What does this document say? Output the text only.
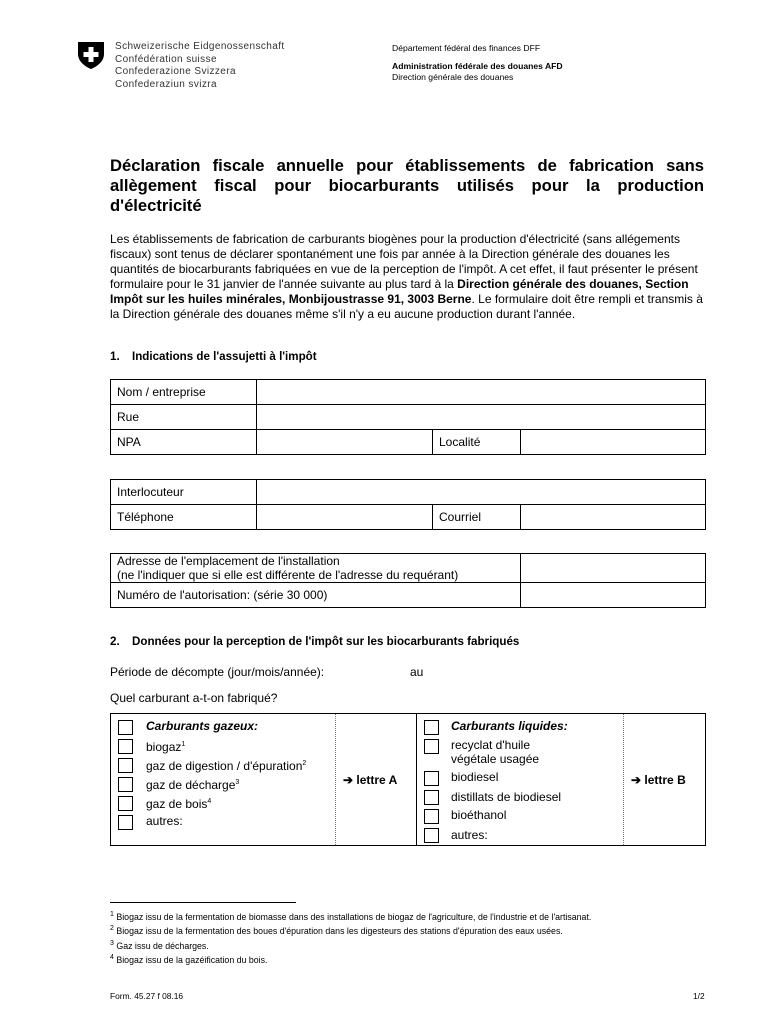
Schweizerische Eidgenossenschaft
Confédération suisse
Confederazione Svizzera
Confederaziun svizra
Département fédéral des finances DFF
Administration fédérale des douanes AFD
Direction générale des douanes
Déclaration fiscale annuelle pour établissements de fabrication sans allègement fiscal pour biocarburants utilisés pour la production d'électricité
Les établissements de fabrication de carburants biogènes pour la production d'électricité (sans allégements fiscaux) sont tenus de déclarer spontanément une fois par année à la Direction générale des douanes les quantités de biocarburants fabriquées en vue de la perception de l'impôt. A cet effet, il faut présenter le présent formulaire pour le 31 janvier de l'année suivante au plus tard à la Direction générale des douanes, Section Impôt sur les huiles minérales, Monbijoustrasse 91, 3003 Berne. Le formulaire doit être rempli et transmis à la Direction générale des douanes même s'il n'y a eu aucune production durant l'année.
1. Indications de l'assujetti à l'impôt
Nom / entreprise			
Rue			
NPA		Localité	
Interlocuteur			
Téléphone		Courriel	
Adresse de l'emplacement de l'installation
(ne l'indiquer que si elle est différente de l'adresse du requérant)	

Numéro de l'autorisation: (série 30 000)	
2. Données pour la perception de l'impôt sur les biocarburants fabriqués
Période de décompte (jour/mois/année):	au
Quel carburant a-t-on fabriqué?
Carburants gazeux:
biogaz$^1$
gaz de digestion / d'épuration$^2$
gaz de décharge$^3$
gaz de bois$^4$
autres:
➔ lettre A
Carburants liquides:
recyclat d'huile
végétale usagée
biodiesel
distillats de biodiesel
bioéthanol
autres:
➔ lettre B
$^1$ Biogaz issu de la fermentation de biomasse dans des installations de biogaz de l'agriculture, de l'industrie et de l'artisanat.
$^2$ Biogaz issu de la fermentation des boues d'épuration dans les digesteurs des stations d'épuration des eaux usées.
$^3$ Gaz issu de décharges.
$^4$ Biogaz issu de la gazéification du bois.
Form. 45.27 f 08.16	1/2
